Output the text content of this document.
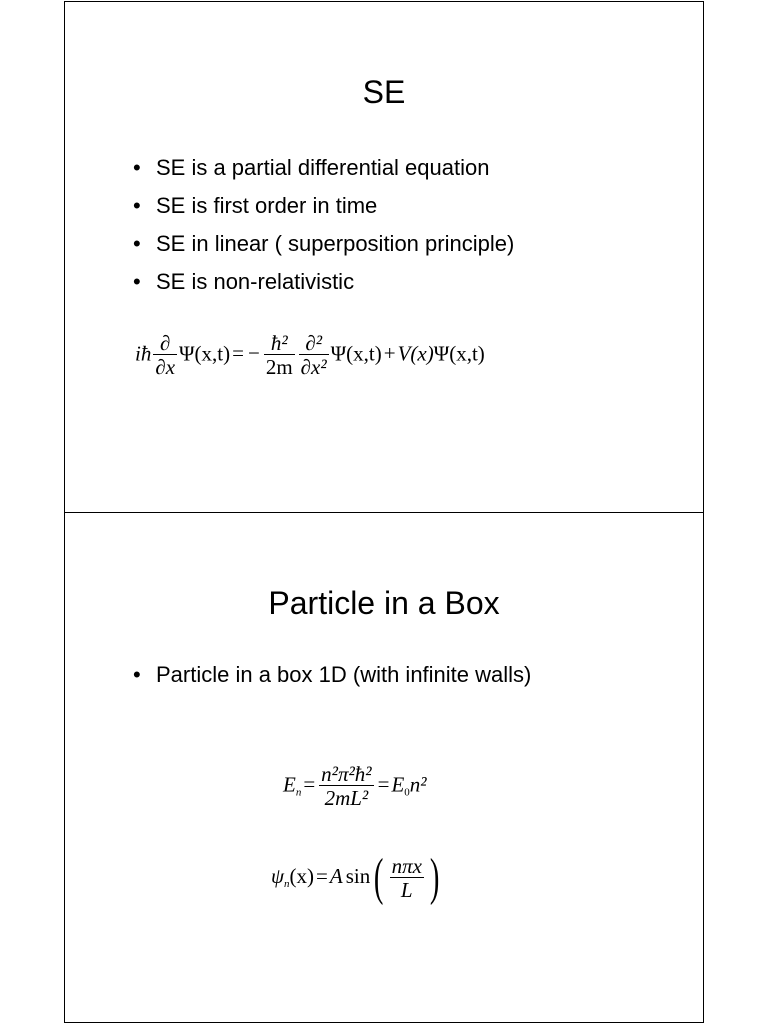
SE
• SE is a partial differential equation
• SE is first order in time
• SE in linear ( superposition principle)
• SE is non-relativistic
iħ $\frac{\partial}{\partial x} \Psi(x,t)= - \frac{\text{ħ²}}{2m} \frac{\text{∂²}}{\text{∂x²}} \Psi(x,t)+V(x)\Psi(x,t)$
Particle in a Box
• Particle in a box 1D (with infinite walls)
$E_n= \frac{\text{n²π²ħ²}}{\text{2mL²}} =E_0n^2$
$\psi_n(x)=A$ $\sin( \frac{\text{nπx}}{L}$ )
